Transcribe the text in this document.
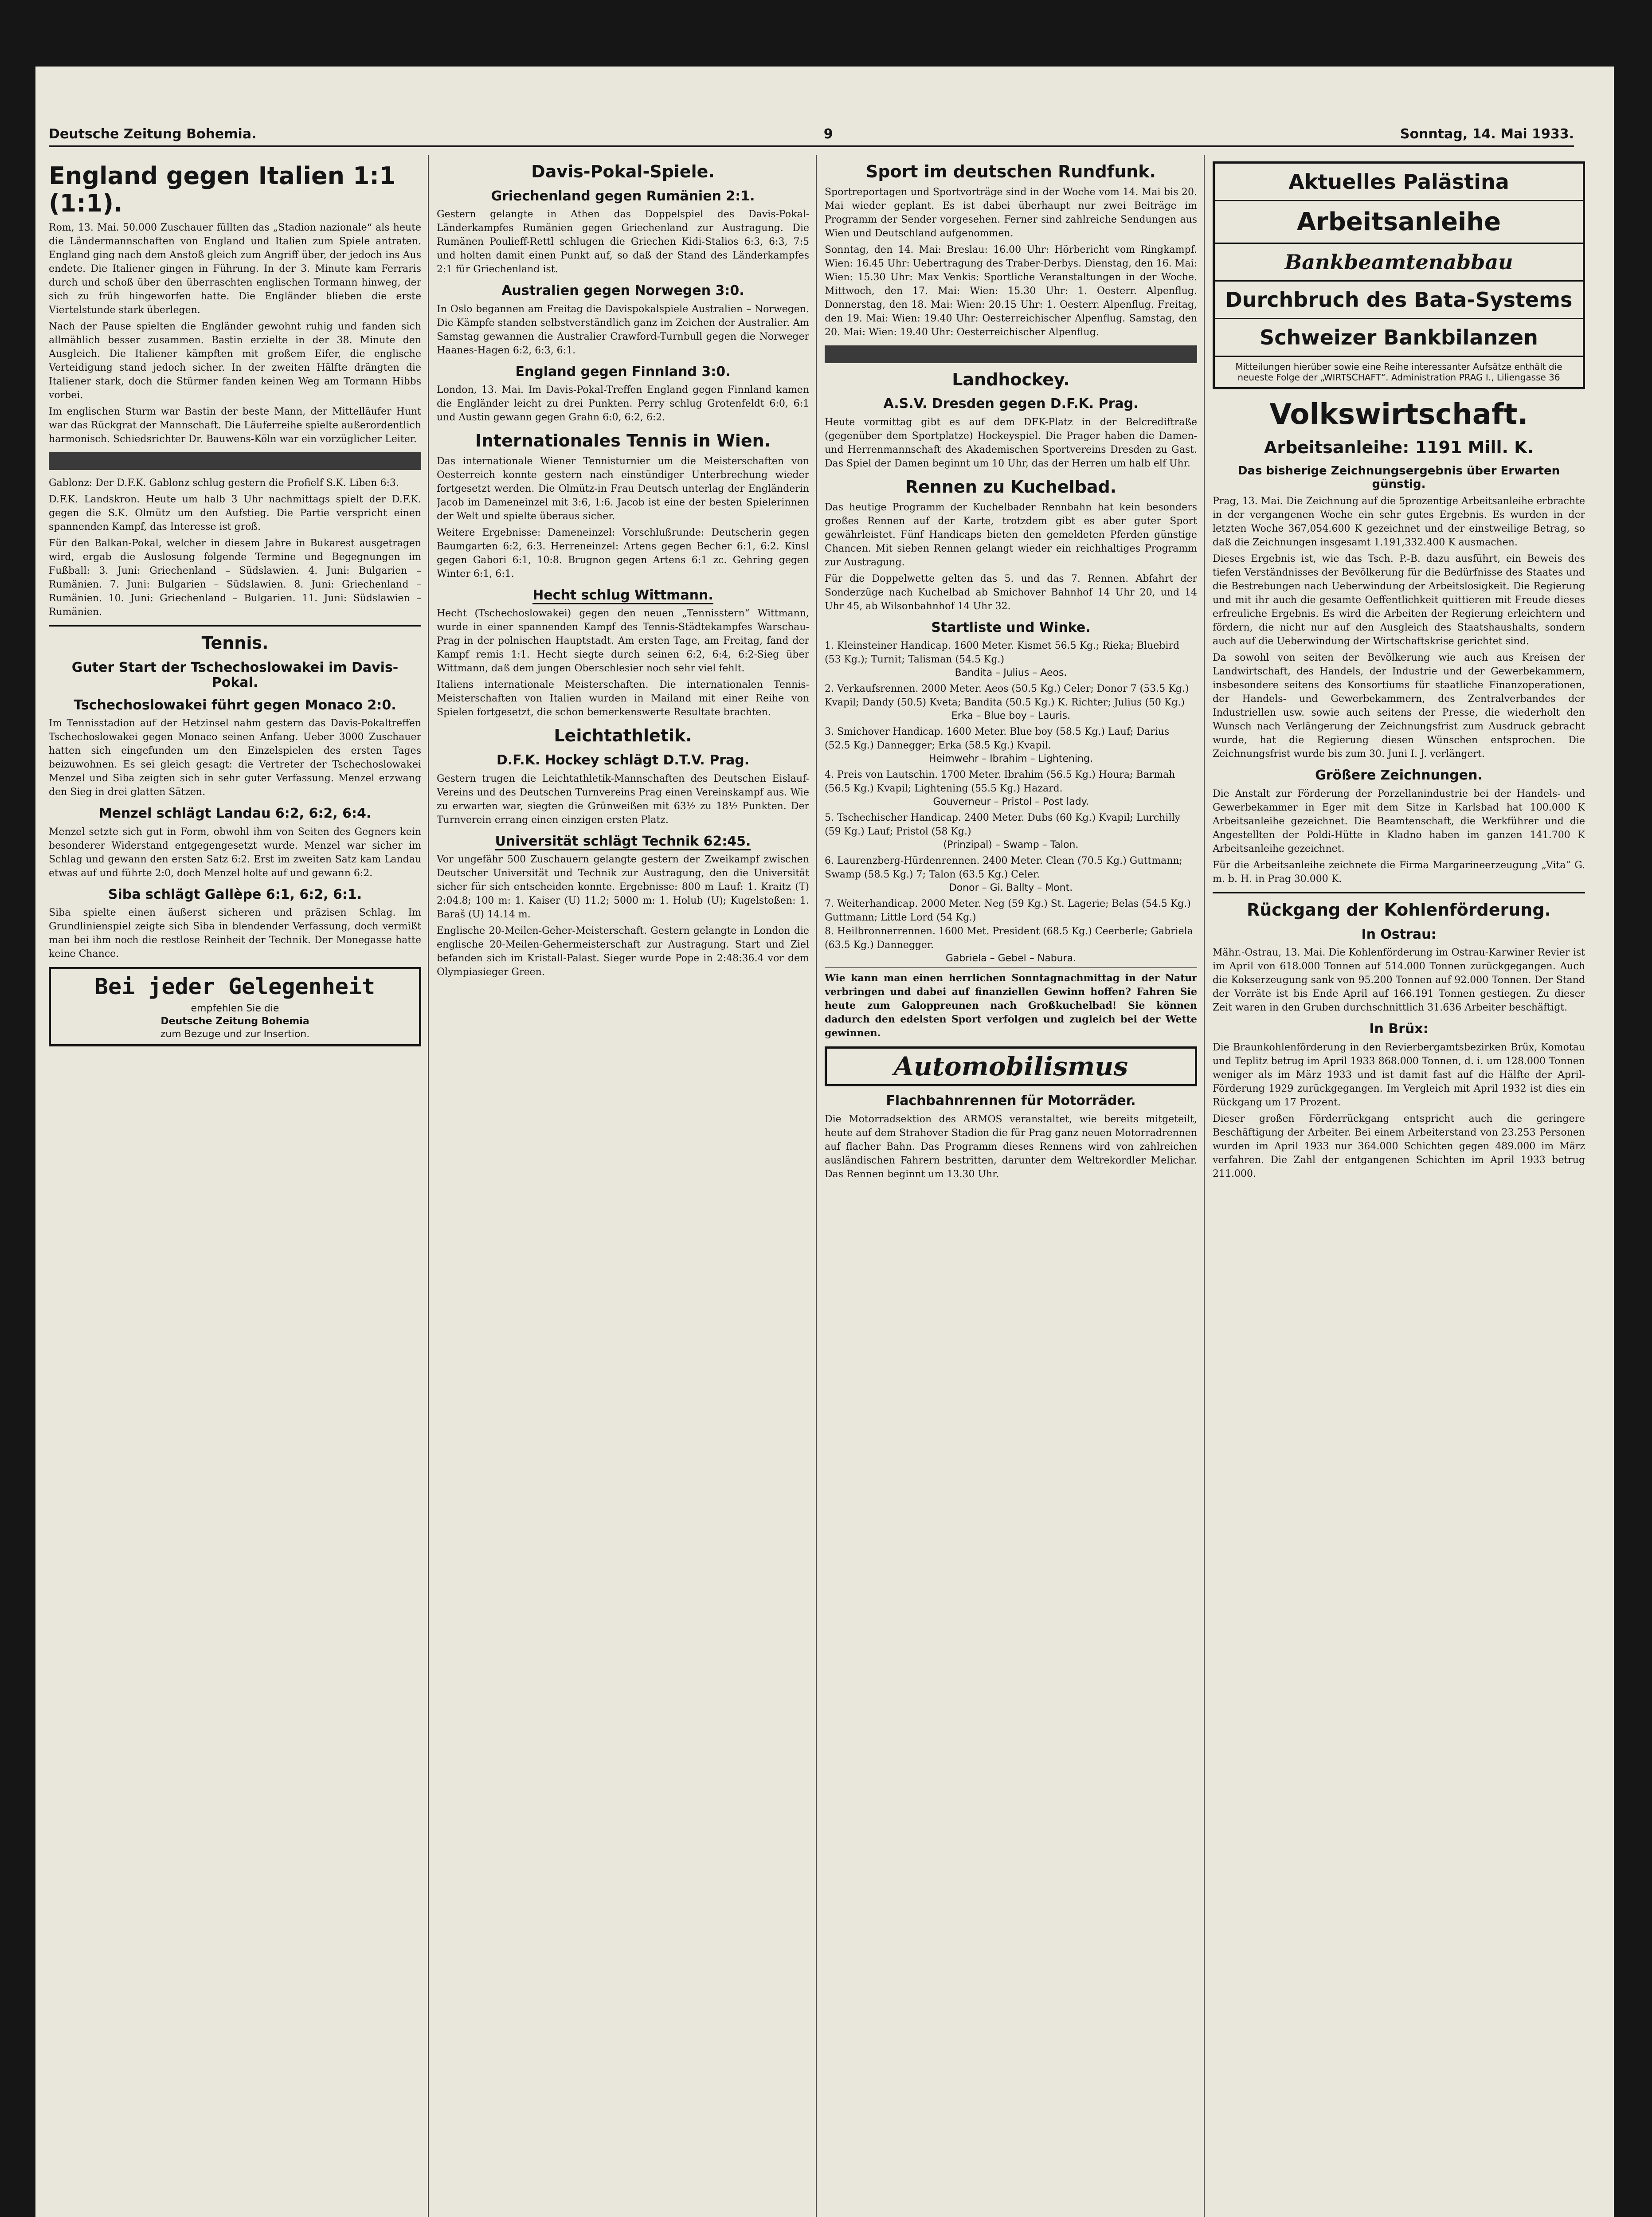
Deutsche Zeitung Bohemia.	9	Sonntag, 14. Mai 1933.
England gegen Italien 1:1 (1:1).

Rom, 13. Mai. 50.000 Zuschauer füllten das „Stadion nazionale“ als heute die Ländermannschaften von England und Italien zum Spiele antraten. England ging nach dem Anstoß gleich zum Angriff über, der jedoch ins Aus endete. Die Italiener gingen in Führung. In der 3. Minute kam Ferraris durch und schoß über den überraschten englischen Tormann hinweg, der sich zu früh hingeworfen hatte. Die Engländer blieben die erste Viertelstunde stark überlegen.

Nach der Pause spielten die Engländer gewohnt ruhig und fanden sich allmählich besser zusammen. Bastin erzielte in der 38. Minute den Ausgleich. Die Italiener kämpften mit großem Eifer, die englische Verteidigung stand jedoch sicher. In der zweiten Hälfte drängten die Italiener stark, doch die Stürmer fanden keinen Weg am Tormann Hibbs vorbei.

Im englischen Sturm war Bastin der beste Mann, der Mittelläufer Hunt war das Rückgrat der Mannschaft. Die Läuferreihe spielte außerordentlich harmonisch. Schiedsrichter Dr. Bauwens-Köln war ein vorzüglicher Leiter.

Gablonz: Der D.F.K. Gablonz schlug gestern die Profielf S.K. Liben 6:3.

D.F.K. Landskron. Heute um halb 3 Uhr nachmittags spielt der D.F.K. gegen die S.K. Olmütz um den Aufstieg. Die Partie verspricht einen spannenden Kampf, das Interesse ist groß.

Für den Balkan-Pokal, welcher in diesem Jahre in Bukarest ausgetragen wird, ergab die Auslosung folgende Termine und Begegnungen im Fußball: 3. Juni: Griechenland – Südslawien. 4. Juni: Bulgarien – Rumänien. 7. Juni: Bulgarien – Südslawien. 8. Juni: Griechenland – Rumänien. 10. Juni: Griechenland – Bulgarien. 11. Juni: Südslawien – Rumänien.

Tennis.
Guter Start der Tschechoslowakei im Davis-Pokal.
Tschechoslowakei führt gegen Monaco 2:0.

Im Tennisstadion auf der Hetzinsel nahm gestern das Davis-Pokaltreffen Tschechoslowakei gegen Monaco seinen Anfang. Ueber 3000 Zuschauer hatten sich eingefunden um den Einzelspielen des ersten Tages beizuwohnen. Es sei gleich gesagt: die Vertreter der Tschechoslowakei Menzel und Siba zeigten sich in sehr guter Verfassung. Menzel erzwang den Sieg in drei glatten Sätzen.

Menzel schlägt Landau 6:2, 6:2, 6:4.

Menzel setzte sich gut in Form, obwohl ihm von Seiten des Gegners kein besonderer Widerstand entgegengesetzt wurde. Menzel war sicher im Schlag und gewann den ersten Satz 6:2. Erst im zweiten Satz kam Landau etwas auf und führte 2:0, doch Menzel holte auf und gewann 6:2.

Siba schlägt Gallèpe 6:1, 6:2, 6:1.

Siba spielte einen äußerst sicheren und präzisen Schlag. Im Grundlinienspiel zeigte sich Siba in blendender Verfassung, doch vermißt man bei ihm noch die restlose Reinheit der Technik. Der Monegasse hatte keine Chance.

Bei jeder Gelegenheit
empfehlen Sie die
Deutsche Zeitung Bohemia
zum Bezuge und zur Insertion.
Davis-Pokal-Spiele.
Griechenland gegen Rumänien 2:1.

Gestern gelangte in Athen das Doppelspiel des Davis-Pokal-Länderkampfes Rumänien gegen Griechenland zur Austragung. Die Rumänen Poulieff-Rettl schlugen die Griechen Kidi-Stalios 6:3, 6:3, 7:5 und holten damit einen Punkt auf, so daß der Stand des Länderkampfes 2:1 für Griechenland ist.

Australien gegen Norwegen 3:0.

In Oslo begannen am Freitag die Davispokalspiele Australien – Norwegen. Die Kämpfe standen selbstverständlich ganz im Zeichen der Australier. Am Samstag gewannen die Australier Crawford-Turnbull gegen die Norweger Haanes-Hagen 6:2, 6:3, 6:1.

England gegen Finnland 3:0.

London, 13. Mai. Im Davis-Pokal-Treffen England gegen Finnland kamen die Engländer leicht zu drei Punkten. Perry schlug Grotenfeldt 6:0, 6:1 und Austin gewann gegen Grahn 6:0, 6:2, 6:2.

Internationales Tennis in Wien.

Das internationale Wiener Tennisturnier um die Meisterschaften von Oesterreich konnte gestern nach einstündiger Unterbrechung wieder fortgesetzt werden. Die Olmütz-in Frau Deutsch unterlag der Engländerin Jacob im Dameneinzel mit 3:6, 1:6. Jacob ist eine der besten Spielerinnen der Welt und spielte überaus sicher.

Weitere Ergebnisse: Dameneinzel: Vorschlußrunde: Deutscherin gegen Baumgarten 6:2, 6:3. Herreneinzel: Artens gegen Becher 6:1, 6:2. Kinsl gegen Gabori 6:1, 10:8. Brugnon gegen Artens 6:1 zc. Gehring gegen Winter 6:1, 6:1.

Hecht schlug Wittmann.

Hecht (Tschechoslowakei) gegen den neuen „Tennisstern“ Wittmann, wurde in einer spannenden Kampf des Tennis-Städtekampfes Warschau-Prag in der polnischen Hauptstadt. Am ersten Tage, am Freitag, fand der Kampf remis 1:1. Hecht siegte durch seinen 6:2, 6:4, 6:2-Sieg über Wittmann, daß dem jungen Oberschlesier noch sehr viel fehlt.

Italiens internationale Meisterschaften. Die internationalen Tennis-Meisterschaften von Italien wurden in Mailand mit einer Reihe von Spielen fortgesetzt, die schon bemerkenswerte Resultate brachten.

Leichtathletik.
D.F.K. Hockey schlägt D.T.V. Prag.

Gestern trugen die Leichtathletik-Mannschaften des Deutschen Eislauf-Vereins und des Deutschen Turnvereins Prag einen Vereinskampf aus. Wie zu erwarten war, siegten die Grünweißen mit 63½ zu 18½ Punkten. Der Turnverein errang einen einzigen ersten Platz.

Universität schlägt Technik 62:45.

Vor ungefähr 500 Zuschauern gelangte gestern der Zweikampf zwischen Deutscher Universität und Technik zur Austragung, den die Universität sicher für sich entscheiden konnte. Ergebnisse: 800 m Lauf: 1. Kraitz (T) 2:04.8; 100 m: 1. Kaiser (U) 11.2; 5000 m: 1. Holub (U); Kugelstoßen: 1. Baraš (U) 14.14 m.

Englische 20-Meilen-Geher-Meisterschaft. Gestern gelangte in London die englische 20-Meilen-Gehermeisterschaft zur Austragung. Start und Ziel befanden sich im Kristall-Palast. Sieger wurde Pope in 2:48:36.4 vor dem Olympiasieger Green.

Sport im deutschen Rundfunk.

Sportreportagen und Sportvorträge sind in der Woche vom 14. Mai bis 20. Mai wieder geplant. Es ist dabei überhaupt nur zwei Beiträge im Programm der Sender vorgesehen. Ferner sind zahlreiche Sendungen aus Wien und Deutschland aufgenommen.

Sonntag, den 14. Mai: Breslau: 16.00 Uhr: Hörbericht vom Ringkampf. Wien: 16.45 Uhr: Uebertragung des Traber-Derbys. Dienstag, den 16. Mai: Wien: 15.30 Uhr: Max Venkis: Sportliche Veranstaltungen in der Woche. Mittwoch, den 17. Mai: Wien: 15.30 Uhr: 1. Oesterr. Alpenflug. Donnerstag, den 18. Mai: Wien: 20.15 Uhr: 1. Oesterr. Alpenflug. Freitag, den 19. Mai: Wien: 19.40 Uhr: Oesterreichischer Alpenflug. Samstag, den 20. Mai: Wien: 19.40 Uhr: Oesterreichischer Alpenflug.

Landhockey.
A.S.V. Dresden gegen D.F.K. Prag.

Heute vormittag gibt es auf dem DFK-Platz in der Belcrediftraße (gegenüber dem Sportplatze) Hockeyspiel. Die Prager haben die Damen- und Herrenmannschaft des Akademischen Sportvereins Dresden zu Gast. Das Spiel der Damen beginnt um 10 Uhr, das der Herren um halb elf Uhr.

Rennen zu Kuchelbad.

Das heutige Programm der Kuchelbader Rennbahn hat kein besonders großes Rennen auf der Karte, trotzdem gibt es aber guter Sport gewährleistet. Fünf Handicaps bieten den gemeldeten Pferden günstige Chancen. Mit sieben Rennen gelangt wieder ein reichhaltiges Programm zur Austragung.

Für die Doppelwette gelten das 5. und das 7. Rennen. Abfahrt der Sonderzüge nach Kuchelbad ab Smichover Bahnhof 14 Uhr 20, und 14 Uhr 45, ab Wilsonbahnhof 14 Uhr 32.

Startliste und Winke.
1. Kleinsteiner Handicap. 1600 Meter. Kismet 56.5 Kg.; Rieka; Bluebird (53 Kg.); Turnit; Talisman (54.5 Kg.)
Bandita – Julius – Aeos.
2. Verkaufsrennen. 2000 Meter. Aeos (50.5 Kg.) Celer; Donor 7 (53.5 Kg.) Kvapil; Dandy (50.5) Kveta; Bandita (50.5 Kg.) K. Richter; Julius (50 Kg.)
Erka – Blue boy – Lauris.
3. Smichover Handicap. 1600 Meter. Blue boy (58.5 Kg.) Lauf; Darius (52.5 Kg.) Dannegger; Erka (58.5 Kg.) Kvapil.
Heimwehr – Ibrahim – Lightening.
4. Preis von Lautschin. 1700 Meter. Ibrahim (56.5 Kg.) Houra; Barmah (56.5 Kg.) Kvapil; Lightening (55.5 Kg.) Hazard.
Gouverneur – Pristol – Post lady.
5. Tschechischer Handicap. 2400 Meter. Dubs (60 Kg.) Kvapil; Lurchilly (59 Kg.) Lauf; Pristol (58 Kg.)
(Prinzipal) – Swamp – Talon.
6. Laurenzberg-Hürdenrennen. 2400 Meter. Clean (70.5 Kg.) Guttmann; Swamp (58.5 Kg.) 7; Talon (63.5 Kg.) Celer.
Donor – Gi. Ballty – Mont.
7. Weiterhandicap. 2000 Meter. Neg (59 Kg.) St. Lagerie; Belas (54.5 Kg.) Guttmann; Little Lord (54 Kg.)
8. Heilbronnerrennen. 1600 Met. President (68.5 Kg.) Ceerberle; Gabriela (63.5 Kg.) Dannegger.
Gabriela – Gebel – Nabura.

Wie kann man einen herrlichen Sonntagnachmittag in der Natur verbringen und dabei auf finanziellen Gewinn hoffen? Fahren Sie heute zum Galoppreunen nach Großkuchelbad! Sie können dadurch den edelsten Sport verfolgen und zugleich bei der Wette gewinnen.

Automobilismus
Flachbahnrennen für Motorräder.

Die Motorradsektion des ARMOS veranstaltet, wie bereits mitgeteilt, heute auf dem Strahover Stadion die für Prag ganz neuen Motorradrennen auf flacher Bahn. Das Programm dieses Rennens wird von zahlreichen ausländischen Fahrern bestritten, darunter dem Weltrekordler Melichar. Das Rennen beginnt um 13.30 Uhr.

Aktuelles Palästina
Arbeitsanleihe
Bankbeamtenabbau
Durchbruch des Bata-Systems
Schweizer Bankbilanzen
Mitteilungen hierüber sowie eine Reihe interessanter Aufsätze enthält die neueste Folge der „WIRTSCHAFT“. Administration PRAG I., Liliengasse 36
Volkswirtschaft.
Arbeitsanleihe: 1191 Mill. K.
Das bisherige Zeichnungsergebnis über Erwarten günstig.

Prag, 13. Mai. Die Zeichnung auf die 5prozentige Arbeitsanleihe erbrachte in der vergangenen Woche ein sehr gutes Ergebnis. Es wurden in der letzten Woche 367,054.600 K gezeichnet und der einstweilige Betrag, so daß die Zeichnungen insgesamt 1.191,332.400 K ausmachen.

Dieses Ergebnis ist, wie das Tsch. P.-B. dazu ausführt, ein Beweis des tiefen Verständnisses der Bevölkerung für die Bedürfnisse des Staates und die Bestrebungen nach Ueberwindung der Arbeitslosigkeit. Die Regierung und mit ihr auch die gesamte Oeffentlichkeit quittieren mit Freude dieses erfreuliche Ergebnis. Es wird die Arbeiten der Regierung erleichtern und fördern, die nicht nur auf den Ausgleich des Staatshaushalts, sondern auch auf die Ueberwindung der Wirtschaftskrise gerichtet sind.

Da sowohl von seiten der Bevölkerung wie auch aus Kreisen der Landwirtschaft, des Handels, der Industrie und der Gewerbekammern, insbesondere seitens des Konsortiums für staatliche Finanzoperationen, der Handels- und Gewerbekammern, des Zentralverbandes der Industriellen usw. sowie auch seitens der Presse, die wiederholt den Wunsch nach Verlängerung der Zeichnungsfrist zum Ausdruck gebracht wurde, hat die Regierung diesen Wünschen entsprochen. Die Zeichnungsfrist wurde bis zum 30. Juni I. J. verlängert.

Größere Zeichnungen.

Die Anstalt zur Förderung der Porzellanindustrie bei der Handels- und Gewerbekammer in Eger mit dem Sitze in Karlsbad hat 100.000 K Arbeitsanleihe gezeichnet. Die Beamtenschaft, die Werkführer und die Angestellten der Poldi-Hütte in Kladno haben im ganzen 141.700 K Arbeitsanleihe gezeichnet.

Für die Arbeitsanleihe zeichnete die Firma Margarineerzeugung „Vita“ G. m. b. H. in Prag 30.000 K.

Rückgang der Kohlenförderung.
In Ostrau:

Mähr.-Ostrau, 13. Mai. Die Kohlenförderung im Ostrau-Karwiner Revier ist im April von 618.000 Tonnen auf 514.000 Tonnen zurückgegangen. Auch die Kokserzeugung sank von 95.200 Tonnen auf 92.000 Tonnen. Der Stand der Vorräte ist bis Ende April auf 166.191 Tonnen gestiegen. Zu dieser Zeit waren in den Gruben durchschnittlich 31.636 Arbeiter beschäftigt.

In Brüx:

Die Braunkohlenförderung in den Revierbergamtsbezirken Brüx, Komotau und Teplitz betrug im April 1933 868.000 Tonnen, d. i. um 128.000 Tonnen weniger als im März 1933 und ist damit fast auf die Hälfte der April-Förderung 1929 zurückgegangen. Im Vergleich mit April 1932 ist dies ein Rückgang um 17 Prozent.

Dieser großen Förderrückgang entspricht auch die geringere Beschäftigung der Arbeiter. Bei einem Arbeiterstand von 23.253 Personen wurden im April 1933 nur 364.000 Schichten gegen 489.000 im März verfahren. Die Zahl der entgangenen Schichten im April 1933 betrug 211.000.
